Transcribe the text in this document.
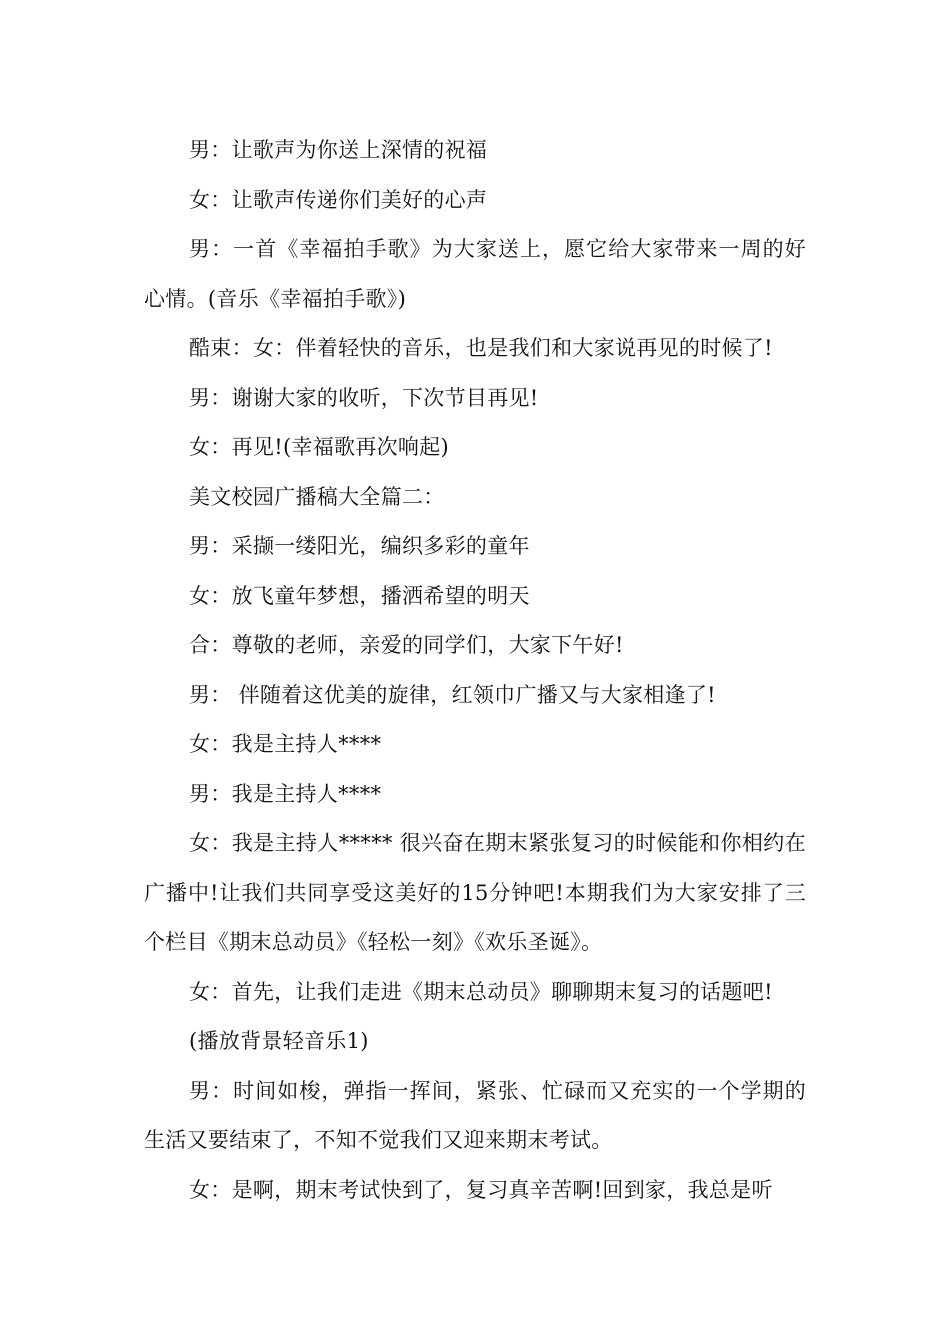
男：让歌声为你送上深情的祝福

女：让歌声传递你们美好的心声

男：一首《幸福拍手歌》为大家送上，愿它给大家带来一周的好心情。(音乐《幸福拍手歌》)

酷束：女：伴着轻快的音乐，也是我们和大家说再见的时候了!

男：谢谢大家的收听，下次节目再见!

女：再见!(幸福歌再次响起)

美文校园广播稿大全篇二：

男：采撷一缕阳光，编织多彩的童年

女：放飞童年梦想，播洒希望的明天

合：尊敬的老师，亲爱的同学们，大家下午好!

男： 伴随着这优美的旋律，红领巾广播又与大家相逢了!

女：我是主持人****

男：我是主持人****

女：我是主持人***** 很兴奋在期末紧张复习的时候能和你相约在广播中!让我们共同享受这美好的15分钟吧!本期我们为大家安排了三个栏目《期末总动员》《轻松一刻》《欢乐圣诞》。

女：首先，让我们走进《期末总动员》聊聊期末复习的话题吧!

(播放背景轻音乐1)

男：时间如梭，弹指一挥间，紧张、忙碌而又充实的一个学期的生活又要结束了，不知不觉我们又迎来期末考试。

女：是啊，期末考试快到了，复习真辛苦啊!回到家，我总是听
